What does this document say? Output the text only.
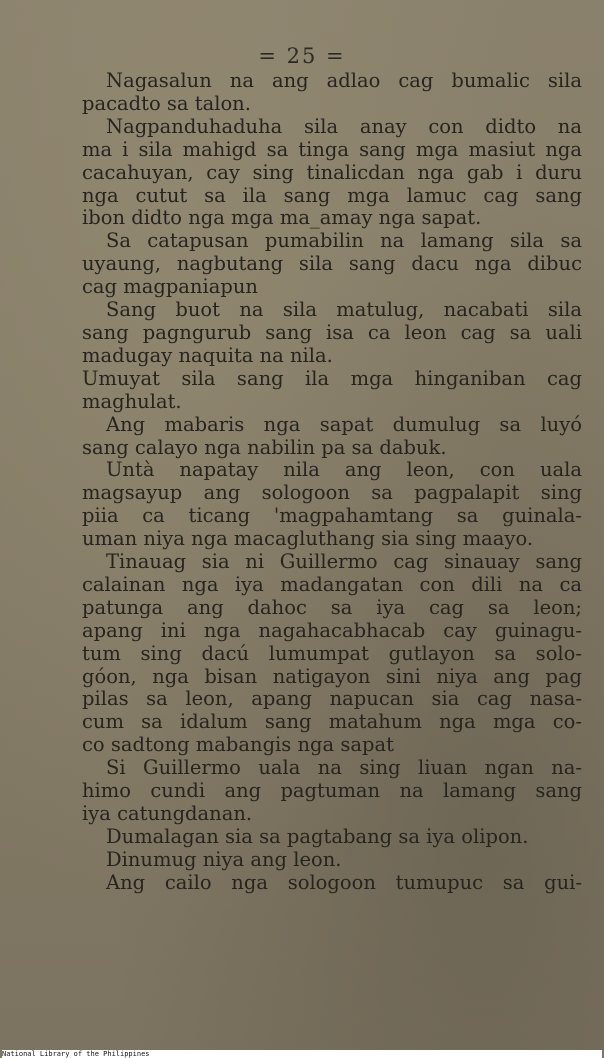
= 25 =
Nagasalun na ang adlao cag bumalic sila
pacadto sa talon.
Nagpanduhaduha sila anay con didto na
ma i sila mahigd sa tinga sang mga masiut nga
cacahuyan, cay sing tinalicdan nga gab i duru
nga cutut sa ila sang mga lamuc cag sang
ibon didto nga mga ma_amay nga sapat.
Sa catapusan pumabilin na lamang sila sa
uyaung, nagbutang sila sang dacu nga dibuc
cag magpaniapun
Sang buot na sila matulug, nacabati sila
sang pagngurub sang isa ca leon cag sa uali
madugay naquita na nila.
Umuyat sila sang ila mga hinganiban cag
maghulat.
Ang mabaris nga sapat dumulug sa luyó
sang calayo nga nabilin pa sa dabuk.
Untà napatay nila ang leon, con uala
magsayup ang sologoon sa pagpalapit sing
piia ca ticang 'magpahamtang sa guinala-
uman niya nga macagluthang sia sing maayo.
Tinauag sia ni Guillermo cag sinauay sang
calainan nga iya madangatan con dili na ca
patunga ang dahoc sa iya cag sa leon;
apang ini nga nagahacabhacab cay guinagu-
tum sing dacú lumumpat gutlayon sa solo-
góon, nga bisan natigayon sini niya ang pag
pilas sa leon, apang napucan sia cag nasa-
cum sa idalum sang matahum nga mga co-
co sadtong mabangis nga sapat
Si Guillermo uala na sing liuan ngan na-
himo cundi ang pagtuman na lamang sang
iya catungdanan.
Dumalagan sia sa pagtabang sa iya olipon.
Dinumug niya ang leon.
Ang cailo nga sologoon tumupuc sa gui-
National Library of the Philippines
